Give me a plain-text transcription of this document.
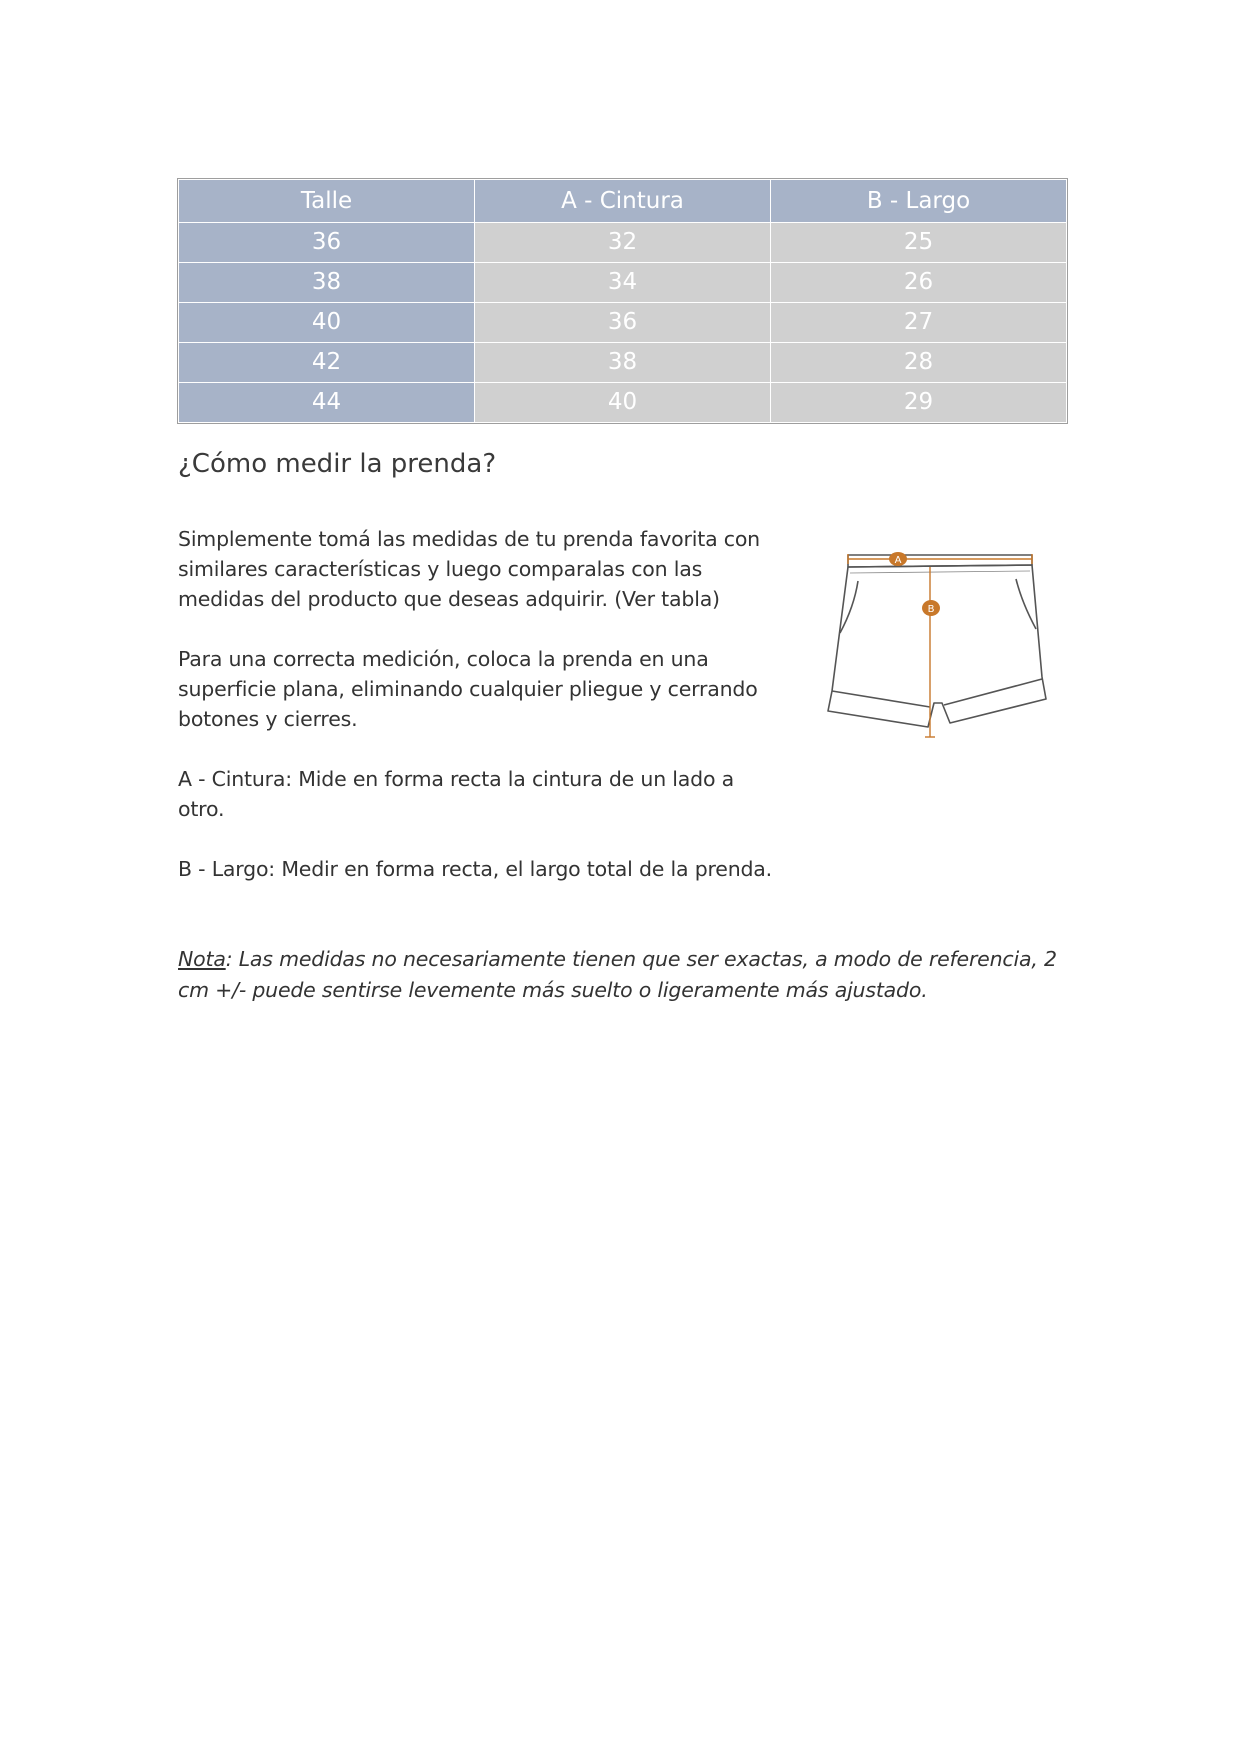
Talle	A - Cintura	B - Largo
36	32	25
38	34	26
40	36	27
42	38	28
44	40	29
¿Cómo medir la prenda?

Simplemente tomá las medidas de tu prenda favorita con similares características y luego comparalas con las medidas del producto que deseas adquirir. (Ver tabla)

Para una correcta medición, coloca la prenda en una superficie plana, eliminando cualquier pliegue y cerrando botones y cierres.

A - Cintura: Mide en forma recta la cintura de un lado a otro.

B - Largo: Medir en forma recta, el largo total de la prenda.

Nota: Las medidas no necesariamente tienen que ser exactas, a modo de referencia, 2 cm +/- puede sentirse levemente más suelto o ligeramente más ajustado.

A
B
